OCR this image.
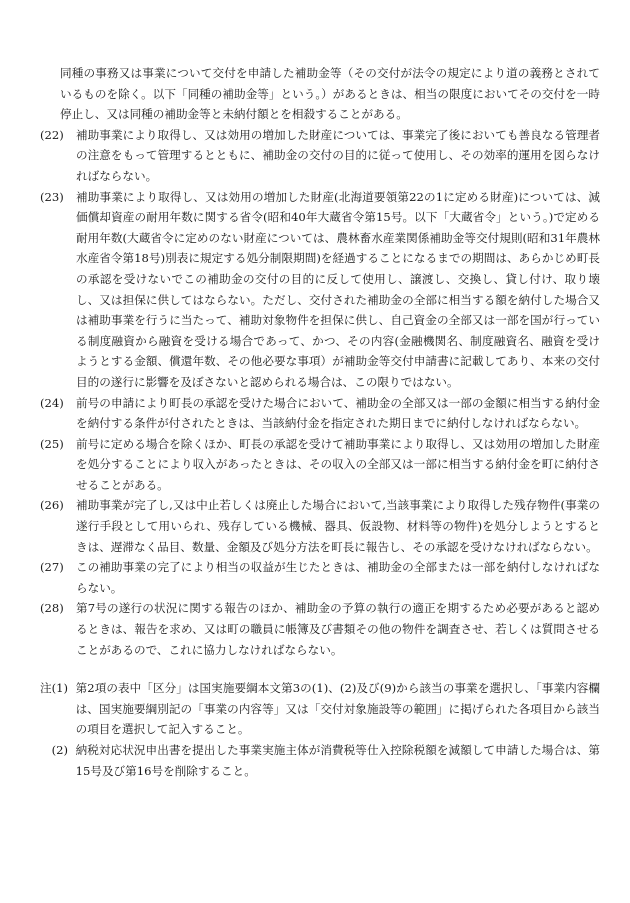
同種の事務又は事業について交付を申請した補助金等（その交付が法令の規定により道の義務とされているものを除く。以下「同種の補助金等」という。）があるときは、相当の限度においてその交付を一時停止し、又は同種の補助金等と未納付額とを相殺することがある。
(22)	補助事業により取得し、又は効用の増加した財産については、事業完了後においても善良なる管理者の注意をもって管理するとともに、補助金の交付の目的に従って使用し、その効率的運用を図らなければならない。
(23)	補助事業により取得し、又は効用の増加した財産(北海道要領第22の1に定める財産)については、減価償却資産の耐用年数に関する省令(昭和40年大蔵省令第15号。以下「大蔵省令」という。)で定める耐用年数(大蔵省令に定めのない財産については、農林畜水産業関係補助金等交付規則(昭和31年農林水産省令第18号)別表に規定する処分制限期間)を経過することになるまでの期間は、あらかじめ町長の承認を受けないでこの補助金の交付の目的に反して使用し、譲渡し、交換し、貸し付け、取り壊し、又は担保に供してはならない。ただし、交付された補助金の全部に相当する額を納付した場合又は補助事業を行うに当たって、補助対象物件を担保に供し、自己資金の全部又は一部を国が行っている制度融資から融資を受ける場合であって、かつ、その内容(金融機関名、制度融資名、融資を受けようとする金額、償還年数、その他必要な事項）が補助金等交付申請書に記載してあり、本来の交付目的の遂行に影響を及ぼさないと認められる場合は、この限りではない。
(24)	前号の申請により町長の承認を受けた場合において、補助金の全部又は一部の金額に相当する納付金を納付する条件が付されたときは、当該納付金を指定された期日までに納付しなければならない。
(25)	前号に定める場合を除くほか、町長の承認を受けて補助事業により取得し、又は効用の増加した財産を処分することにより収入があったときは、その収入の全部又は一部に相当する納付金を町に納付させることがある。
(26)	補助事業が完了し,又は中止若しくは廃止した場合において,当該事業により取得した残存物件(事業の遂行手段として用いられ、残存している機械、器具、仮設物、材料等の物件)を処分しようとするときは、遅滞なく品目、数量、金額及び処分方法を町長に報告し、その承認を受けなければならない。
(27)	この補助事業の完了により相当の収益が生じたときは、補助金の全部または一部を納付しなければならない。
(28)	第7号の遂行の状況に関する報告のほか、補助金の予算の執行の適正を期するため必要があると認めるときは、報告を求め、又は町の職員に帳簿及び書類その他の物件を調査させ、若しくは質問させることがあるので、これに協力しなければならない。
注 (1) 第2項の表中「区分」は国実施要綱本文第3の(1)、(2)及び(9)から該当の事業を選択し、「事業内容欄は、国実施要綱別記の「事業の内容等」又は「交付対象施設等の範囲」に掲げられた各項目から該当の項目を選択して記入すること。
(2) 納税対応状況申出書を提出した事業実施主体が消費税等仕入控除税額を減額して申請した場合は、第15号及び第16号を削除すること。
